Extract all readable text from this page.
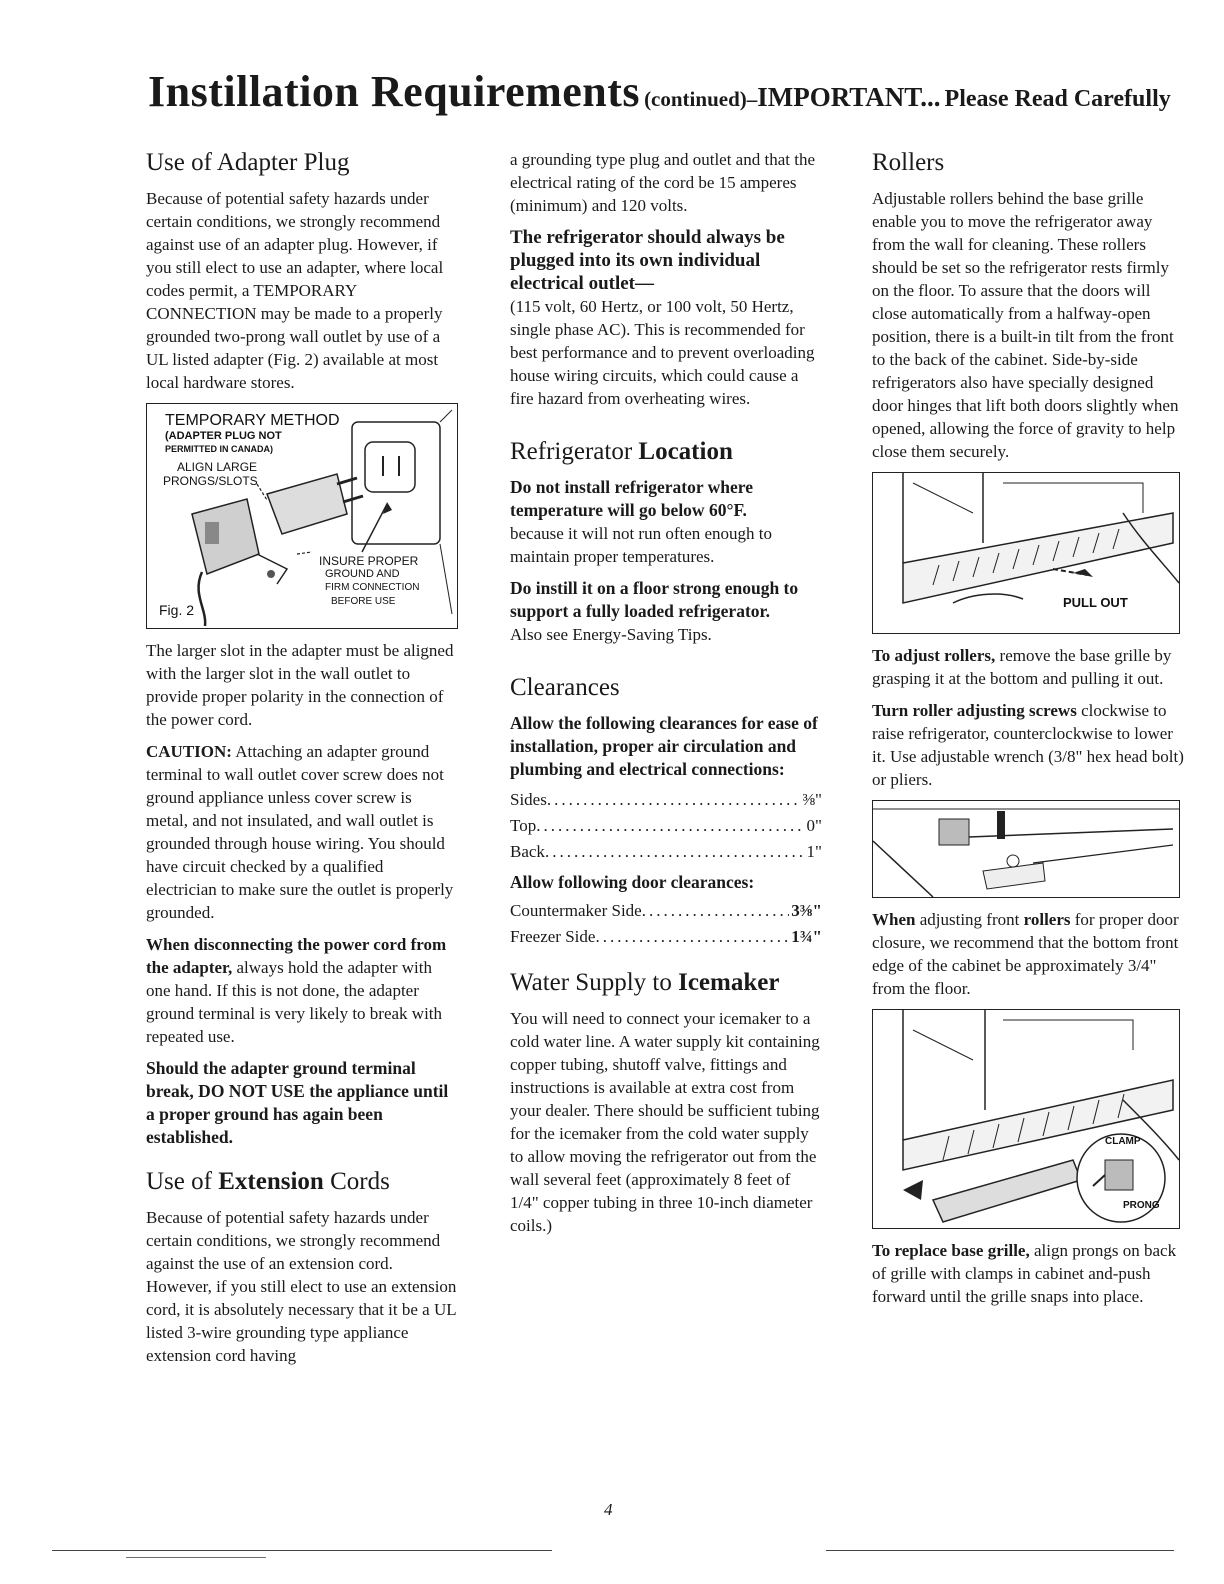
Instillation Requirements (continued)–IMPORTANT... Please Read Carefully
Use of Adapter Plug

Because of potential safety hazards under certain conditions, we strongly recommend against use of an adapter plug. However, if you still elect to use an adapter, where local codes permit, a TEMPORARY CONNECTION may be made to a properly grounded two-prong wall outlet by use of a UL listed adapter (Fig. 2) available at most local hardware stores.

TEMPORARY METHOD
(ADAPTER PLUG NOT
PERMITTED IN CANADA)
ALIGN LARGE
PRONGS/SLOTS
INSURE PROPER
GROUND AND
FIRM CONNECTION
BEFORE USE
Fig. 2

The larger slot in the adapter must be aligned with the larger slot in the wall outlet to provide proper polarity in the connection of the power cord.

CAUTION: Attaching an adapter ground terminal to wall outlet cover screw does not ground appliance unless cover screw is metal, and not insulated, and wall outlet is grounded through house wiring. You should have circuit checked by a qualified electrician to make sure the outlet is properly grounded.

When disconnecting the power cord from the adapter, always hold the adapter with one hand. If this is not done, the adapter ground terminal is very likely to break with repeated use.

Should the adapter ground terminal break, DO NOT USE the appliance until a proper ground has again been established.

Use of Extension Cords

Because of potential safety hazards under certain conditions, we strongly recommend against the use of an extension cord. However, if you still elect to use an extension cord, it is absolutely necessary that it be a UL listed 3-wire grounding type appliance extension cord having

a grounding type plug and outlet and that the electrical rating of the cord be 15 amperes (minimum) and 120 volts.

The refrigerator should always be plugged into its own individual electrical outlet—

(115 volt, 60 Hertz, or 100 volt, 50 Hertz, single phase AC). This is recommended for best performance and to prevent overloading house wiring circuits, which could cause a fire hazard from overheating wires.

Refrigerator Location

Do not install refrigerator where temperature will go below 60°F.

because it will not run often enough to maintain proper temperatures.

Do instill it on a floor strong enough to support a fully loaded refrigerator.

Also see Energy-Saving Tips.

Clearances

Allow the following clearances for ease of installation, proper air circulation and plumbing and electrical connections:

Sides .....	⅜"
Top .....	0"
Back .....	1"

Allow following door clearances:

Countermaker Side .....	3⅜"
Freezer Side .....	1¾"
Water Supply to Icemaker

You will need to connect your icemaker to a cold water line. A water supply kit containing copper tubing, shutoff valve, fittings and instructions is available at extra cost from your dealer. There should be sufficient tubing for the icemaker from the cold water supply to allow moving the refrigerator out from the wall several feet (approximately 8 feet of 1/4" copper tubing in three 10-inch diameter coils.)

Rollers

Adjustable rollers behind the base grille enable you to move the refrigerator away from the wall for cleaning. These rollers should be set so the refrigerator rests firmly on the floor. To assure that the doors will close automatically from a halfway-open position, there is a built-in tilt from the front to the back of the cabinet. Side-by-side refrigerators also have specially designed door hinges that lift both doors slightly when opened, allowing the force of gravity to help close them securely.

PULL OUT

To adjust rollers, remove the base grille by grasping it at the bottom and pulling it out.

Turn roller adjusting screws clockwise to raise refrigerator, counterclockwise to lower it. Use adjustable wrench (3/8" hex head bolt) or pliers.

When adjusting front rollers for proper door closure, we recommend that the bottom front edge of the cabinet be approximately 3/4" from the floor.

CLAMP
PRONG

To replace base grille, align prongs on back of grille with clamps in cabinet and-push forward until the grille snaps into place.

4
